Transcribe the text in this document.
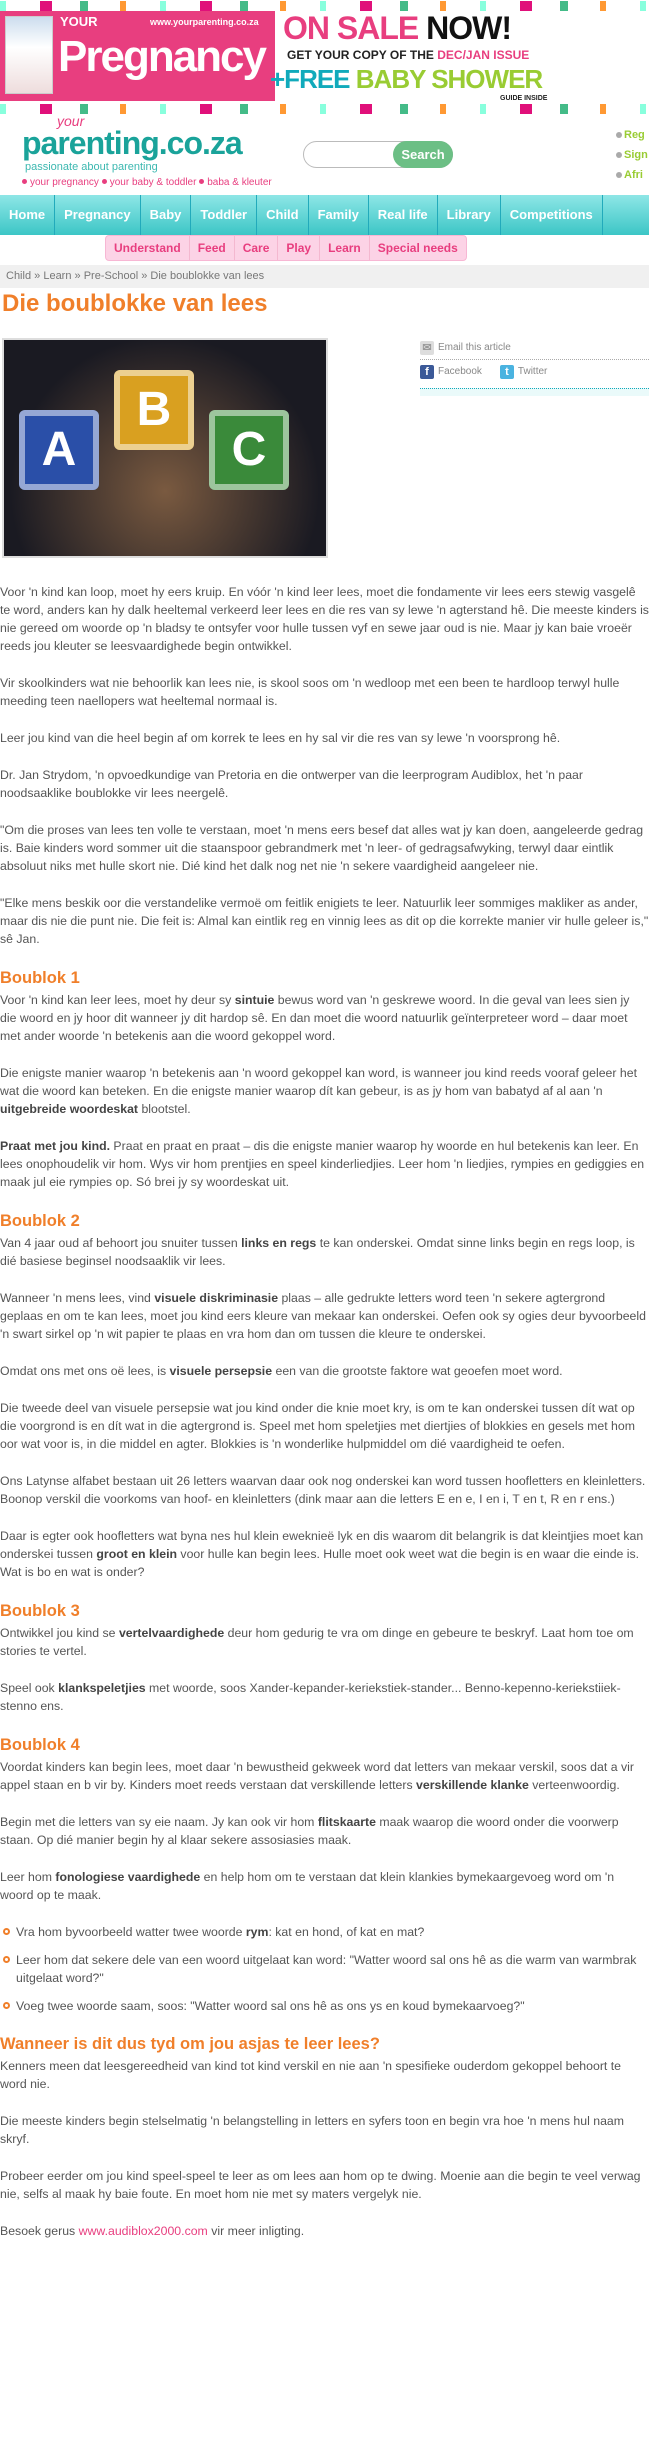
YOUR	www.yourparenting.co.za
Pregnancy
ON SALE NOW!
GET YOUR COPY OF THE DEC/JAN ISSUE
+FREE BABY SHOWER
GUIDE INSIDE
your
parenting.co.za
passionate about parenting
your pregnancy your baby & toddler baba & kleuter
Search
Reg
Sign
Afri
Home	Pregnancy	Baby	Toddler	Child	Family	Real life	Library	Competitions
Understand	Feed	Care	Play	Learn	Special needs
Child » Learn » Pre-School » Die boublokke van lees
Die boublokke van lees
A
B
C
✉ Email this article
f Facebook	t Twitter

Voor 'n kind kan loop, moet hy eers kruip. En vóór 'n kind leer lees, moet die fondamente vir lees eers stewig vasgelê te word, anders kan hy dalk heeltemal verkeerd leer lees en die res van sy lewe 'n agterstand hê. Die meeste kinders is nie gereed om woorde op 'n bladsy te ontsyfer voor hulle tussen vyf en sewe jaar oud is nie. Maar jy kan baie vroeër reeds jou kleuter se leesvaardighede begin ontwikkel.

Vir skoolkinders wat nie behoorlik kan lees nie, is skool soos om 'n wedloop met een been te hardloop terwyl hulle meeding teen naellopers wat heeltemal normaal is.

Leer jou kind van die heel begin af om korrek te lees en hy sal vir die res van sy lewe 'n voorsprong hê.

Dr. Jan Strydom, 'n opvoedkundige van Pretoria en die ontwerper van die leerprogram Audiblox, het 'n paar noodsaaklike boublokke vir lees neergelê.

"Om die proses van lees ten volle te verstaan, moet 'n mens eers besef dat alles wat jy kan doen, aangeleerde gedrag is. Baie kinders word sommer uit die staanspoor gebrandmerk met 'n leer- of gedragsafwyking, terwyl daar eintlik absoluut niks met hulle skort nie. Dié kind het dalk nog net nie 'n sekere vaardigheid aangeleer nie.

"Elke mens beskik oor die verstandelike vermoë om feitlik enigiets te leer. Natuurlik leer sommiges makliker as ander, maar dis nie die punt nie. Die feit is: Almal kan eintlik reg en vinnig lees as dit op die korrekte manier vir hulle geleer is," sê Jan.

Boublok 1

Voor 'n kind kan leer lees, moet hy deur sy sintuie bewus word van 'n geskrewe woord. In die geval van lees sien jy die woord en jy hoor dit wanneer jy dit hardop sê. En dan moet die woord natuurlik geïnterpreteer word – daar moet met ander woorde 'n betekenis aan die woord gekoppel word.

Die enigste manier waarop 'n betekenis aan 'n woord gekoppel kan word, is wanneer jou kind reeds vooraf geleer het wat die woord kan beteken. En die enigste manier waarop dít kan gebeur, is as jy hom van babatyd af al aan 'n uitgebreide woordeskat blootstel.

Praat met jou kind. Praat en praat en praat – dis die enigste manier waarop hy woorde en hul betekenis kan leer. En lees onophoudelik vir hom. Wys vir hom prentjies en speel kinderliedjies. Leer hom 'n liedjies, rympies en gediggies en maak jul eie rympies op. Só brei jy sy woordeskat uit.

Boublok 2

Van 4 jaar oud af behoort jou snuiter tussen links en regs te kan onderskei. Omdat sinne links begin en regs loop, is dié basiese beginsel noodsaaklik vir lees.

Wanneer 'n mens lees, vind visuele diskriminasie plaas – alle gedrukte letters word teen 'n sekere agtergrond geplaas en om te kan lees, moet jou kind eers kleure van mekaar kan onderskei. Oefen ook sy ogies deur byvoorbeeld 'n swart sirkel op 'n wit papier te plaas en vra hom dan om tussen die kleure te onderskei.

Omdat ons met ons oë lees, is visuele persepsie een van die grootste faktore wat geoefen moet word.

Die tweede deel van visuele persepsie wat jou kind onder die knie moet kry, is om te kan onderskei tussen dít wat op die voorgrond is en dít wat in die agtergrond is. Speel met hom speletjies met diertjies of blokkies en gesels met hom oor wat voor is, in die middel en agter. Blokkies is 'n wonderlike hulpmiddel om dié vaardigheid te oefen.

Ons Latynse alfabet bestaan uit 26 letters waarvan daar ook nog onderskei kan word tussen hoofletters en kleinletters. Boonop verskil die voorkoms van hoof- en kleinletters (dink maar aan die letters E en e, I en i, T en t, R en r ens.)

Daar is egter ook hoofletters wat byna nes hul klein eweknieë lyk en dis waarom dit belangrik is dat kleintjies moet kan onderskei tussen groot en klein voor hulle kan begin lees. Hulle moet ook weet wat die begin is en waar die einde is. Wat is bo en wat is onder?

Boublok 3

Ontwikkel jou kind se vertelvaardighede deur hom gedurig te vra om dinge en gebeure te beskryf. Laat hom toe om stories te vertel.

Speel ook klankspeletjies met woorde, soos Xander-kepander-keriekstiek-stander... Benno-kepenno-keriekstiiek-stenno ens.

Boublok 4

Voordat kinders kan begin lees, moet daar 'n bewustheid gekweek word dat letters van mekaar verskil, soos dat a vir appel staan en b vir by. Kinders moet reeds verstaan dat verskillende letters verskillende klanke verteenwoordig.

Begin met die letters van sy eie naam. Jy kan ook vir hom flitskaarte maak waarop die woord onder die voorwerp staan. Op dié manier begin hy al klaar sekere assosiasies maak.

Leer hom fonologiese vaardighede en help hom om te verstaan dat klein klankies bymekaargevoeg word om 'n woord op te maak.

Vra hom byvoorbeeld watter twee woorde rym: kat en hond, of kat en mat?
Leer hom dat sekere dele van een woord uitgelaat kan word: "Watter woord sal ons hê as die warm van warmbrak uitgelaat word?"
Voeg twee woorde saam, soos: "Watter woord sal ons hê as ons ys en koud bymekaarvoeg?"
Wanneer is dit dus tyd om jou asjas te leer lees?

Kenners meen dat leesgereedheid van kind tot kind verskil en nie aan 'n spesifieke ouderdom gekoppel behoort te word nie.

Die meeste kinders begin stelselmatig 'n belangstelling in letters en syfers toon en begin vra hoe 'n mens hul naam skryf.

Probeer eerder om jou kind speel-speel te leer as om lees aan hom op te dwing. Moenie aan die begin te veel verwag nie, selfs al maak hy baie foute. En moet hom nie met sy maters vergelyk nie.

Besoek gerus www.audiblox2000.com vir meer inligting.
